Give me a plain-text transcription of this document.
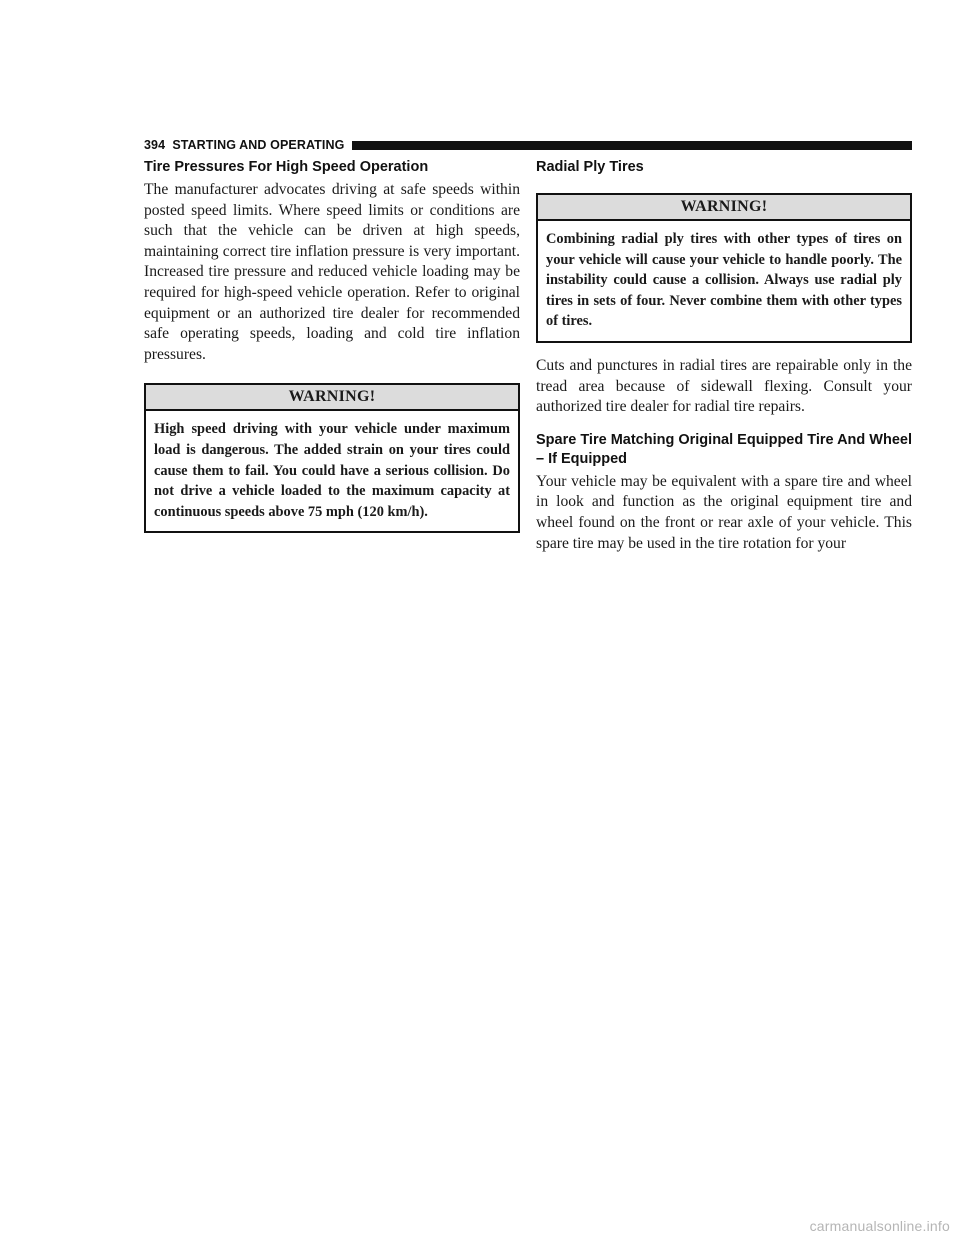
394 STARTING AND OPERATING
Tire Pressures For High Speed Operation

The manufacturer advocates driving at safe speeds within posted speed limits. Where speed limits or conditions are such that the vehicle can be driven at high speeds, maintaining correct tire inflation pressure is very important. Increased tire pressure and reduced vehicle loading may be required for high-speed vehicle operation. Refer to original equipment or an authorized tire dealer for recommended safe operating speeds, loading and cold tire inflation pressures.

WARNING!
High speed driving with your vehicle under maximum load is dangerous. The added strain on your tires could cause them to fail. You could have a serious collision. Do not drive a vehicle loaded to the maximum capacity at continuous speeds above 75 mph (120 km/h).
Radial Ply Tires
WARNING!
Combining radial ply tires with other types of tires on your vehicle will cause your vehicle to handle poorly. The instability could cause a collision. Always use radial ply tires in sets of four. Never combine them with other types of tires.

Cuts and punctures in radial tires are repairable only in the tread area because of sidewall flexing. Consult your authorized tire dealer for radial tire repairs.

Spare Tire Matching Original Equipped Tire And Wheel – If Equipped

Your vehicle may be equivalent with a spare tire and wheel in look and function as the original equipment tire and wheel found on the front or rear axle of your vehicle. This spare tire may be used in the tire rotation for your

carmanualsonline.info
